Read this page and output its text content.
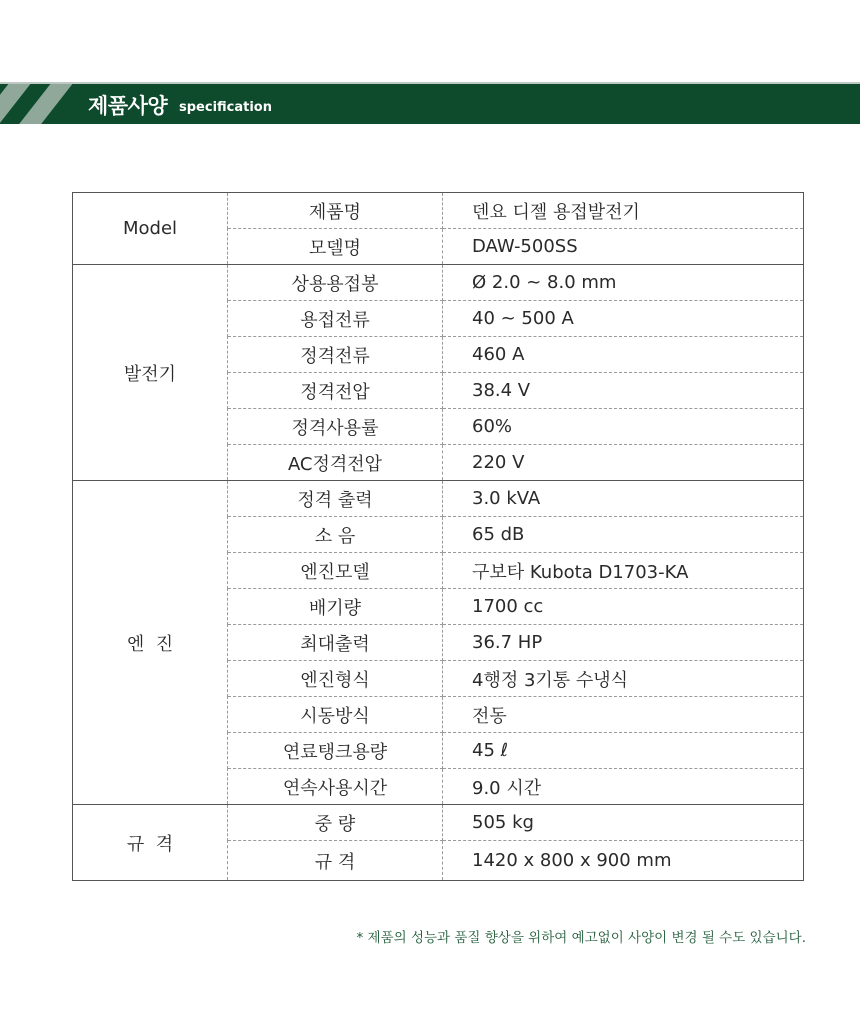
제품사양 specification
Model	제품명	덴요 디젤 용접발전기
	모델명	DAW-500SS
발전기	상용용접봉	Ø 2.0 ~ 8.0 mm
	용접전류	40 ~ 500 A
	정격전류	460 A
	정격전압	38.4 V
	정격사용률	60%
	AC정격전압	220 V
엔  진	정격 출력	3.0 kVA
	소 음	65 dB
	엔진모델	구보타 Kubota D1703-KA
	배기량	1700 cc
	최대출력	36.7 HP
	엔진형식	4행정 3기통 수냉식
	시동방식	전동
	연료탱크용량	45 ℓ
	연속사용시간	9.0 시간
규  격	중 량	505 kg
	규 격	1420 x 800 x 900 mm
* 제품의 성능과 품질 향상을 위하여 예고없이 사양이 변경 될 수도 있습니다.
